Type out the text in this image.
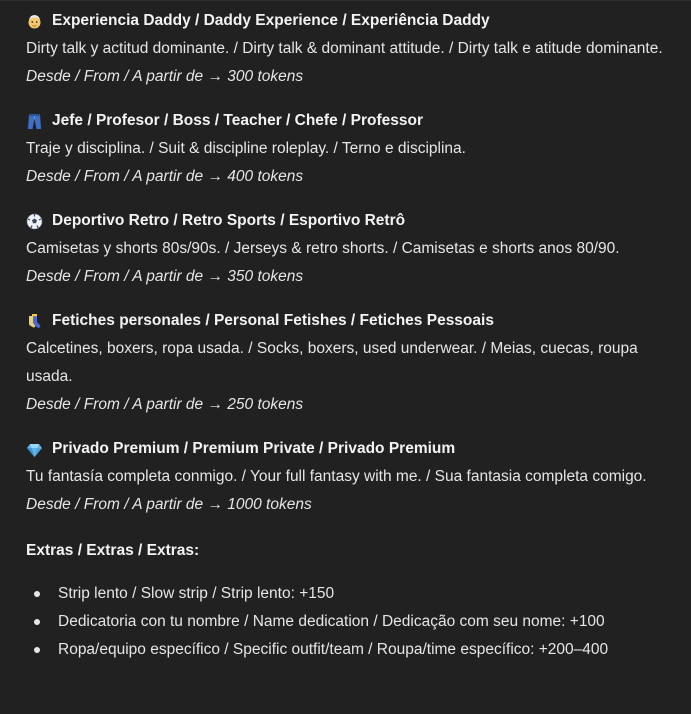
Experiencia Daddy / Daddy Experience / Experiência Daddy
Dirty talk y actitud dominante. / Dirty talk & dominant attitude. / Dirty talk e atitude dominante.
Desde / From / A partir de → 300 tokens
Jefe / Profesor / Boss / Teacher / Chefe / Professor
Traje y disciplina. / Suit & discipline roleplay. / Terno e disciplina.
Desde / From / A partir de → 400 tokens
Deportivo Retro / Retro Sports / Esportivo Retrô
Camisetas y shorts 80s/90s. / Jerseys & retro shorts. / Camisetas e shorts anos 80/90.
Desde / From / A partir de → 350 tokens
Fetiches personales / Personal Fetishes / Fetiches Pessoais
Calcetines, boxers, ropa usada. / Socks, boxers, used underwear. / Meias, cuecas, roupa usada.
Desde / From / A partir de → 250 tokens
Privado Premium / Premium Private / Privado Premium
Tu fantasía completa conmigo. / Your full fantasy with me. / Sua fantasia completa comigo.
Desde / From / A partir de → 1000 tokens
Extras / Extras / Extras:
Strip lento / Slow strip / Strip lento: +150
Dedicatoria con tu nombre / Name dedication / Dedicação com seu nome: +100
Ropa/equipo específico / Specific outfit/team / Roupa/time específico: +200–400
